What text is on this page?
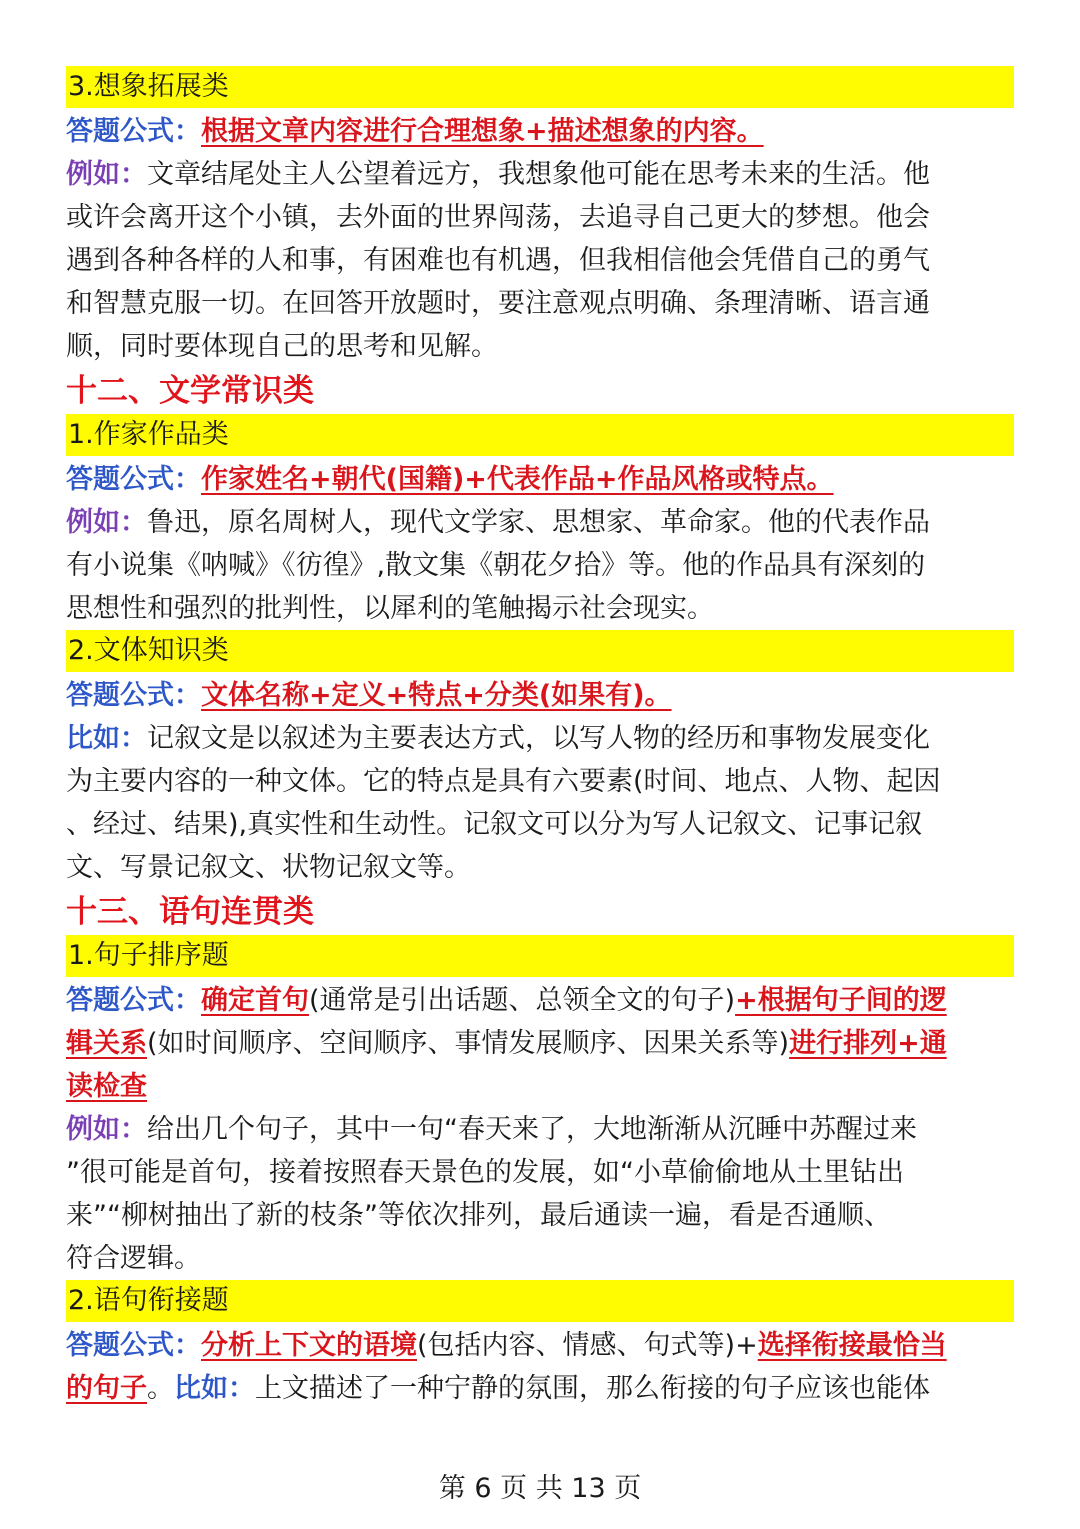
3.想象拓展类

答题公式：根据文章内容进行合理想象+描述想象的内容。

例如：文章结尾处主人公望着远方，我想象他可能在思考未来的生活。他
或许会离开这个小镇，去外面的世界闯荡，去追寻自己更大的梦想。他会
遇到各种各样的人和事，有困难也有机遇，但我相信他会凭借自己的勇气
和智慧克服一切。在回答开放题时，要注意观点明确、条理清晰、语言通
顺，同时要体现自己的思考和见解。

十二、文学常识类
1.作家作品类

答题公式：作家姓名+朝代(国籍)+代表作品+作品风格或特点。

例如：鲁迅，原名周树人，现代文学家、思想家、革命家。他的代表作品
有小说集《呐喊》《彷徨》,散文集《朝花夕拾》等。他的作品具有深刻的
思想性和强烈的批判性，以犀利的笔触揭示社会现实。

2.文体知识类

答题公式：文体名称+定义+特点+分类(如果有)。

比如：记叙文是以叙述为主要表达方式，以写人物的经历和事物发展变化
为主要内容的一种文体。它的特点是具有六要素(时间、地点、人物、起因
、经过、结果),真实性和生动性。记叙文可以分为写人记叙文、记事记叙
文、写景记叙文、状物记叙文等。

十三、语句连贯类
1.句子排序题

答题公式：确定首句(通常是引出话题、总领全文的句子)+根据句子间的逻
辑关系(如时间顺序、空间顺序、事情发展顺序、因果关系等)进行排列+通
读检查

例如：给出几个句子，其中一句“春天来了，大地渐渐从沉睡中苏醒过来
”很可能是首句，接着按照春天景色的发展，如“小草偷偷地从土里钻出
来”“柳树抽出了新的枝条”等依次排列，最后通读一遍，看是否通顺、
符合逻辑。

2.语句衔接题

答题公式：分析上下文的语境(包括内容、情感、句式等)+选择衔接最恰当
的句子。比如：上文描述了一种宁静的氛围，那么衔接的句子应该也能体

第 6 页 共 13 页
